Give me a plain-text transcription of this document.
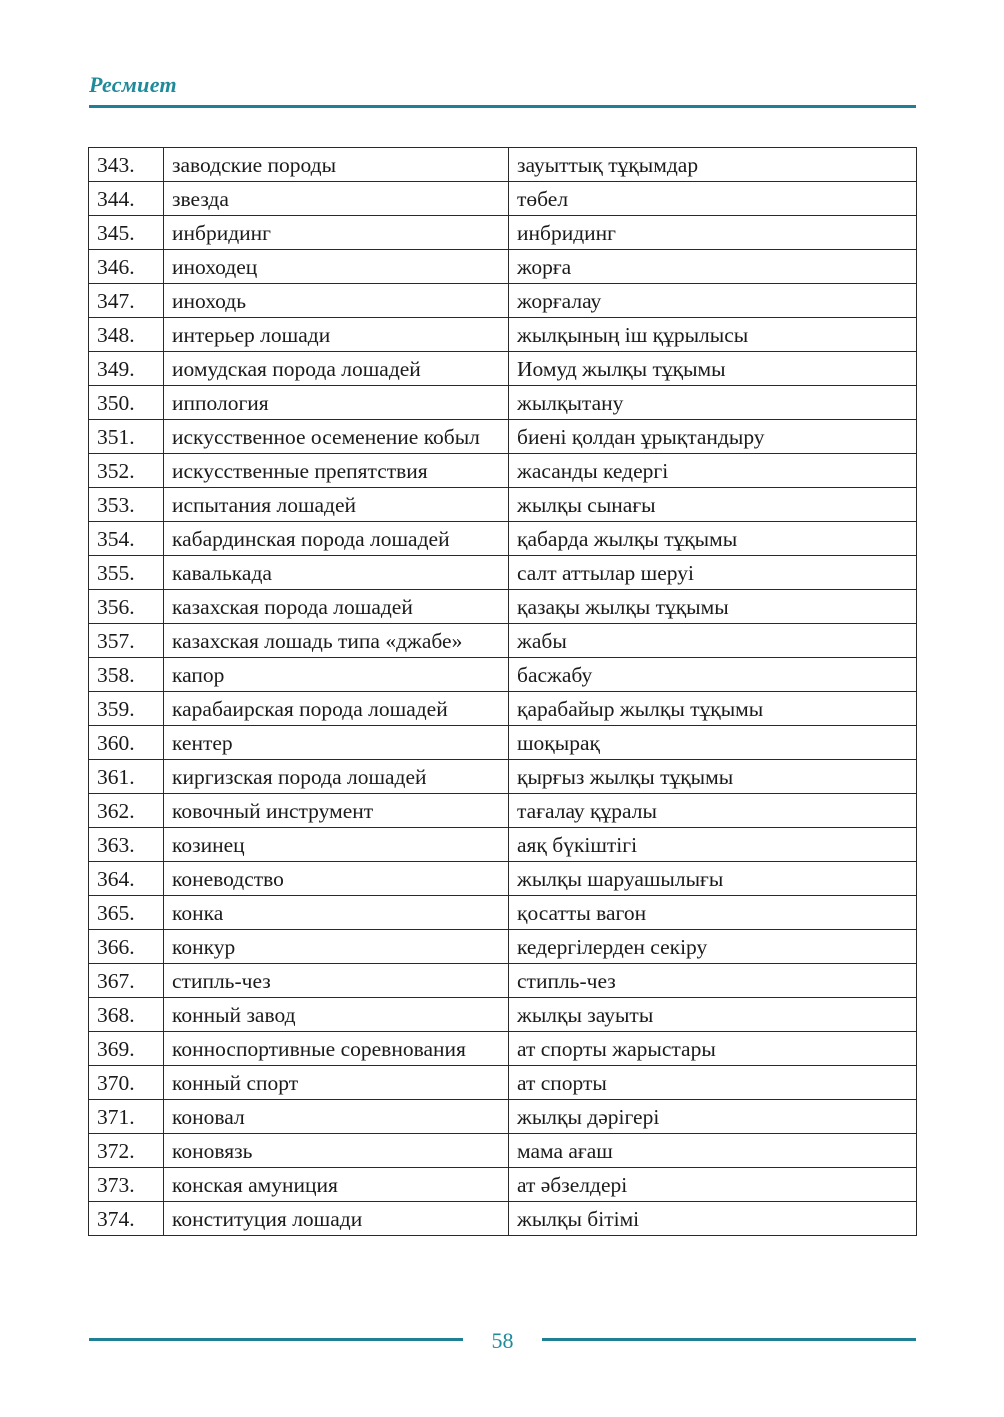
Ресмиет
343.	заводские породы	зауыттық тұқымдар
344.	звезда	төбел
345.	инбридинг	инбридинг
346.	иноходец	жорға
347.	иноходь	жорғалау
348.	интерьер лошади	жылқының іш құрылысы
349.	иомудская порода лошадей	Иомуд жылқы тұқымы
350.	иппология	жылқытану
351.	искусственное осеменение кобыл	биені қолдан ұрықтандыру
352.	искусственные препятствия	жасанды кедергі
353.	испытания лошадей	жылқы сынағы
354.	кабардинская порода лошадей	қабарда жылқы тұқымы
355.	кавалькада	салт аттылар шеруі
356.	казахская порода лошадей	қазақы жылқы тұқымы
357.	казахская лошадь типа «джабе»	жабы
358.	капор	басжабу
359.	карабаирская порода лошадей	қарабайыр жылқы тұқымы
360.	кентер	шоқырақ
361.	киргизская порода лошадей	қырғыз жылқы тұқымы
362.	ковочный инструмент	тағалау құралы
363.	козинец	аяқ бүкіштігі
364.	коневодство	жылқы шаруашылығы
365.	конка	қосатты вагон
366.	конкур	кедергілерден секіру
367.	стипль-чез	стипль-чез
368.	конный завод	жылқы зауыты
369.	конноспортивные соревнования	ат спорты жарыстары
370.	конный спорт	ат спорты
371.	коновал	жылқы дәрігері
372.	коновязь	мама ағаш
373.	конская амуниция	ат әбзелдері
374.	конституция лошади	жылқы бітімі
58
